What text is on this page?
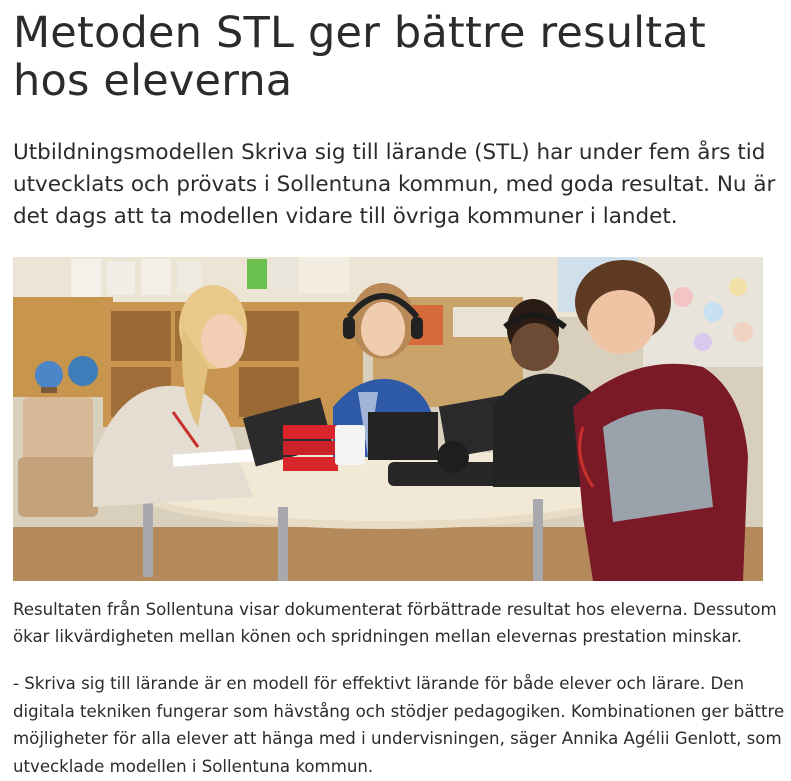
Metoden STL ger bättre resultat hos eleverna

Utbildningsmodellen Skriva sig till lärande (STL) har under fem års tid utvecklats och prövats i Sollentuna kommun, med goda resultat. Nu är det dags att ta modellen vidare till övriga kommuner i landet.

Resultaten från Sollentuna visar dokumenterat förbättrade resultat hos eleverna. Dessutom ökar likvärdigheten mellan könen och spridningen mellan elevernas prestation minskar.

- Skriva sig till lärande är en modell för effektivt lärande för både elever och lärare. Den digitala tekniken fungerar som hävstång och stödjer pedagogiken. Kombinationen ger bättre möjligheter för alla elever att hänga med i undervisningen, säger Annika Agélii Genlott, som utvecklade modellen i Sollentuna kommun.
